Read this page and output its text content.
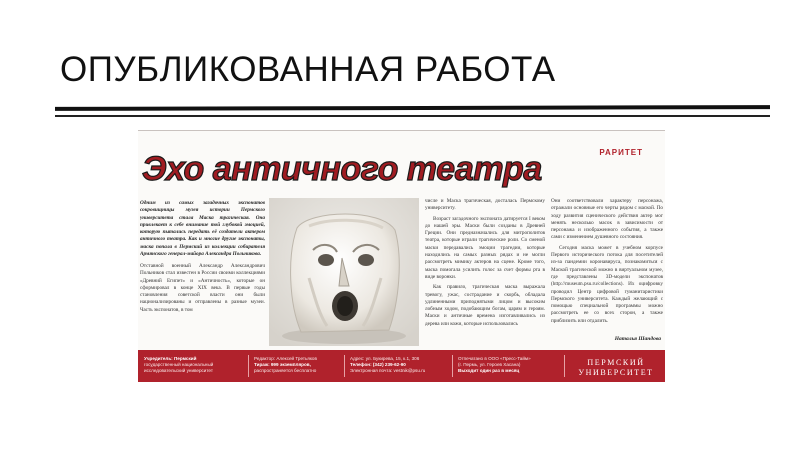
ОПУБЛИКОВАННАЯ РАБОТА
РАРИТЕТ
Эхо античного театра
Одним из самых загадочных экспонатов сокровищницы музея истории Пермского университета стала Маска трагическая. Она привлекает к себе внимание той глубокой эмоцией, которую пытались передать её создатели актером античного театра. Как и многие другие экспонаты, маска попала в Пермский из коллекции собирателя Армянского генерал-майора Александра Польникова.
Отставной военный Александр Александрович Польников стал известен в России своими коллекциями «Древний Египет» и «Античность», которые он сформировал в конце XIX века. В первые годы становления советской власти они были национализированы и отправлены в разные музеи. Часть экспонатов, в том

числе и Маска трагическая, досталась Пермскому университету.

Возраст загадочного экспоната датируется I веком до нашей эры. Маски были созданы в Древней Греции. Они предназначались для митрополитов театра, которые играли трагические роли. Со сменой маски передавались эмоции трагедии, которые находились на самых разных рядах и не могли рассмотреть мимику актеров на сцене. Кроме того, маска помогала усилить голос за счет формы рта в виде воронки.

Как правило, трагическая маска выражала тревогу, ужас, сострадание и скорбь, обладала удлиненными приподнятыми лицом и высоким лобным ходом, подобающим богам, царям и героям. Маски и античные времена изготавливались из дерева или кожи, которые использовались

Они соответствовали характеру персонажа, отражали основные его черты рядом с маской. По ходу развития сценического действия актер мог менять несколько масок в зависимости от персонажа и изображенного события, а также сами с изменением душевного состояния.

Сегодня маска может в учебном корпусе Первого исторического потока для посетителей из-за пандемии коронавируса, познакомиться с Маской трагической можно в виртуальном музее, где представлены 3D-модели экспонатов (http://museum.psu.ru/collections). Их оцифровку проводил Центр цифровой гуманитаристики Пермского университета. Каждый желающий с помощью специальной программы можно рассмотреть ее со всех сторон, а также приблизить или отдалить.

Наталья Шандова
Учредитель: Пермский
государственный национальный
исследовательский университет
Редактор: Алексей Третьяков
Тираж: 999 экземпляров,
распространяется бесплатно
Адрес: ул. Букирева, 15, к.1, 306
Телефон: (342) 239-62-90
Электронная почта: vestnik@psu.ru
Отпечатано в ООО «Пресс-Тайм»
(г. Пермь, ул. Героев Хасана)
Выходит один раз в месяц
ПЕРМСКИЙ
УНИВЕРСИТЕТ
